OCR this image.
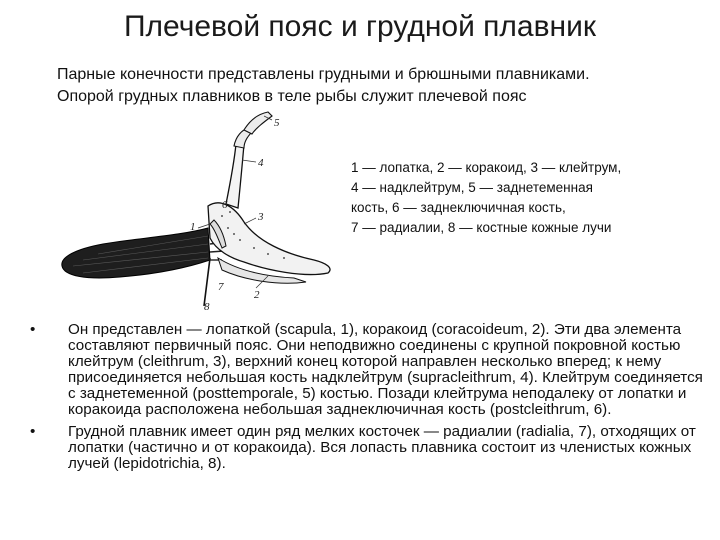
Плечевой пояс и грудной плавник
Парные конечности представлены грудными и брюшными плавниками.
Опорой грудных плавников в теле рыбы служит плечевой пояс
5
4
6
3
1
7
2
8
1 — лопатка, 2 — коракоид, 3 — клейтрум,
4 — надклейтрум, 5 — заднетеменная
кость, 6 — заднеключичная кость,
7 — радиалии, 8 — костные кожные лучи
• Он представлен — лопаткой (scapula, 1), коракоид (coracoideum, 2). Эти два элемента составляют первичный пояс. Они неподвижно соединены с крупной покровной костью клейтрум (cleithrum, 3), верхний конец которой направлен несколько вперед; к нему присоединяется небольшая кость надклейтрум (supracleithrum, 4). Клейтрум соединяется с заднетеменной (posttemporale, 5) костью. Позади клейтрума неподалеку от лопатки и коракоида расположена небольшая заднеключичная кость (postcleithrum, 6).
• Грудной плавник имеет один ряд мелких косточек — радиалии (radialia, 7), отходящих от лопатки (частично и от коракоида). Вся лопасть плавника состоит из членистых кожных лучей (lepidotrichia, 8).
